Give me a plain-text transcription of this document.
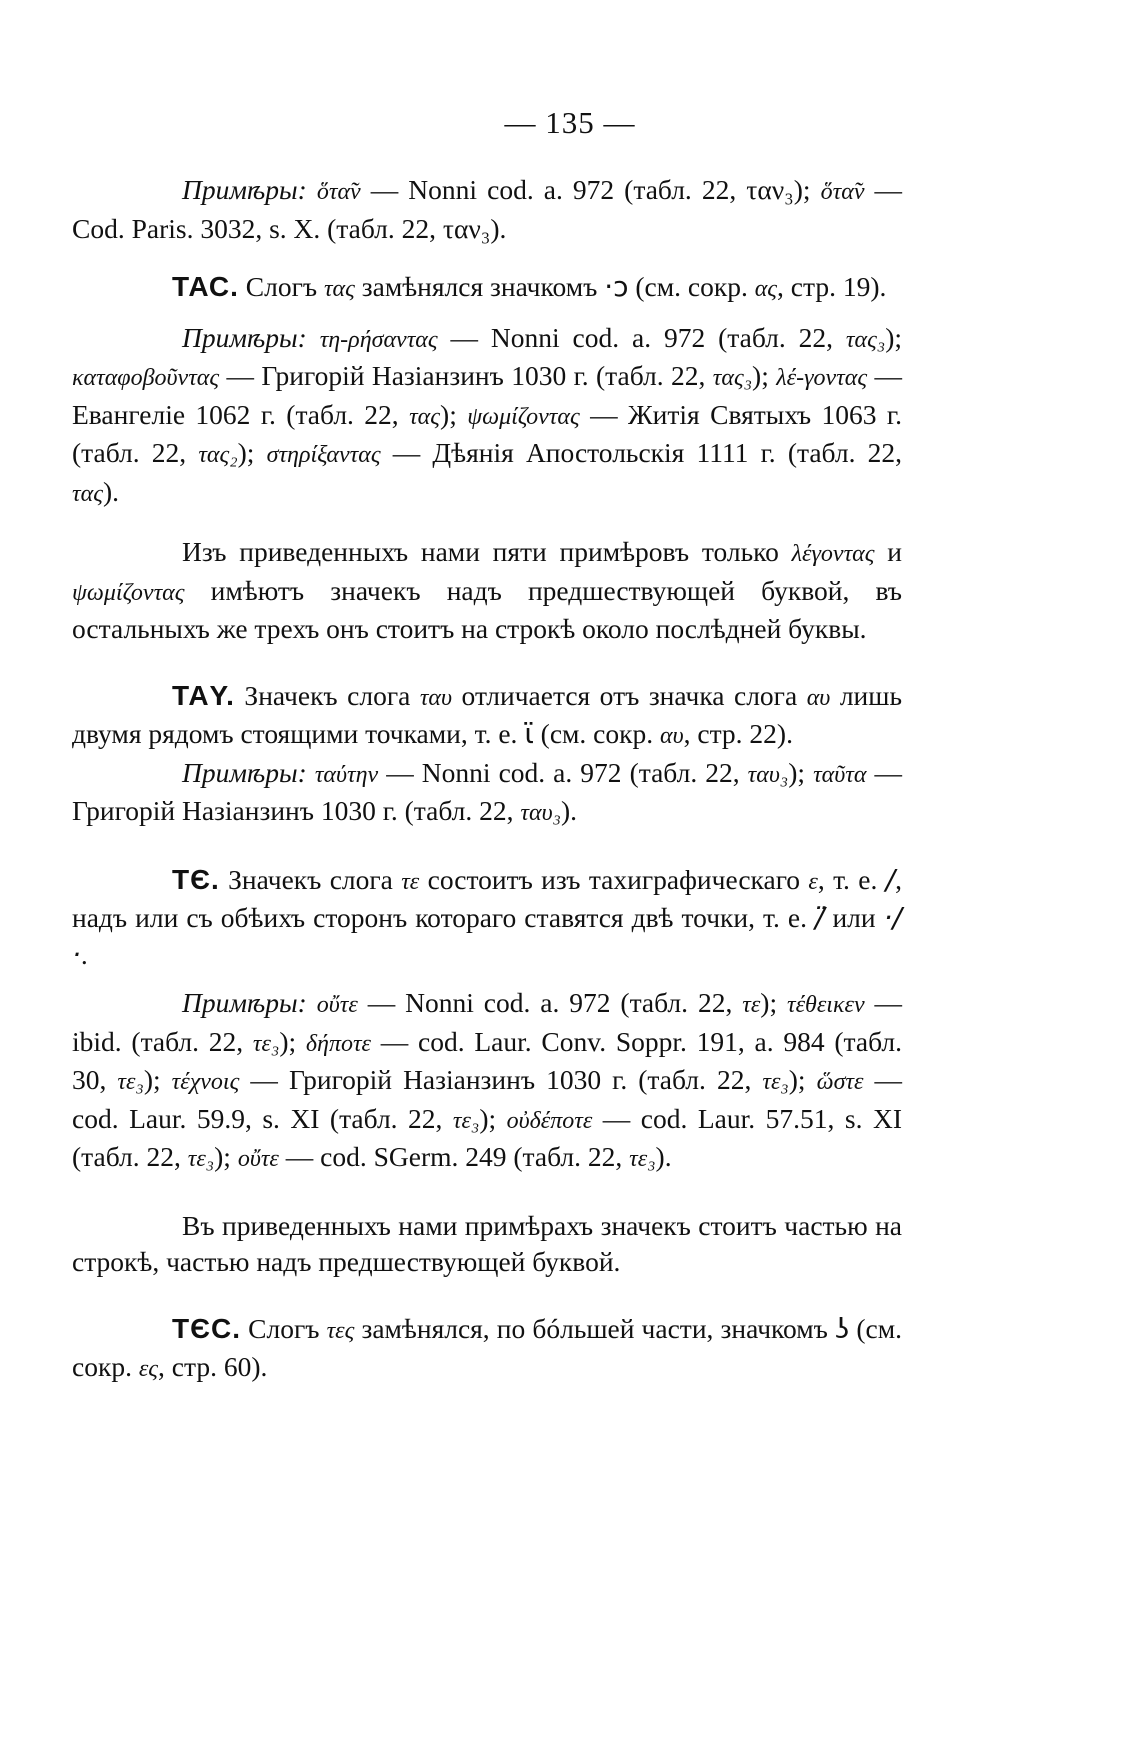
— 135 —

Примѣры: ὅτα̃ν — Nonni cod. a. 972 (табл. 22, ταν₃); ὅτα̃ν — Cod. Paris. 3032, s. X. (табл. 22, ταν₃).

ТАС. Слогъ τας замѣнялся значкомъ ·ↄ (см. сокр. ας, стр. 19).

Примѣры: τη-ρήσαντας — Nonni cod. a. 972 (табл. 22, τας₃); καταφοβοῦντας — Григорій Назіанзинъ 1030 г. (табл. 22, τας₃); λέ-γοντας — Евангеліе 1062 г. (табл. 22, τας); ψωμίζοντας — Житія Святыхъ 1063 г. (табл. 22, τας₂); στηρίξαντας — Дѣянія Апостольскія 1111 г. (табл. 22, τας).

Изъ приведенныхъ нами пяти примѣровъ только λέγοντας и ψωμίζοντας имѣютъ значекъ надъ предшествующей буквой, въ остальныхъ же трехъ онъ стоитъ на строкѣ около послѣдней буквы.

ТАY. Значекъ слога ταυ отличается отъ значка слога αυ лишь двумя рядомъ стоящими точками, т. е. ϊ (см. сокр. αυ, стр. 22).

Примѣры: ταύτην — Nonni cod. a. 972 (табл. 22, ταυ₃); ταῦτα — Григорій Назіанзинъ 1030 г. (табл. 22, ταυ₃).

ТЄ. Значекъ слога τε состоитъ изъ тахиграфическаго ε, т. е. /, надъ или съ обѣихъ сторонъ котораго ставятся двѣ точки, т. е. /̈ или ·/·.

Примѣры: οὔτε — Nonni cod. a. 972 (табл. 22, τε); τέθεικεν — ibid. (табл. 22, τε₃); δήποτε — cod. Laur. Conv. Soppr. 191, a. 984 (табл. 30, τε₃); τέχνοις — Григорій Назіанзинъ 1030 г. (табл. 22, τε₃); ὥστε — cod. Laur. 59.9, s. XI (табл. 22, τε₃); οὐδέποτε — cod. Laur. 57.51, s. XI (табл. 22, τε₃); οὔτε — cod. SGerm. 249 (табл. 22, τε₃).

Въ приведенныхъ нами примѣрахъ значекъ стоитъ частью на строкѣ, частью надъ предшествующей буквой.

ТЄС. Слогъ τες замѣнялся, по бóльшей части, значкомъ ʖ (см. сокр. ες, стр. 60).
